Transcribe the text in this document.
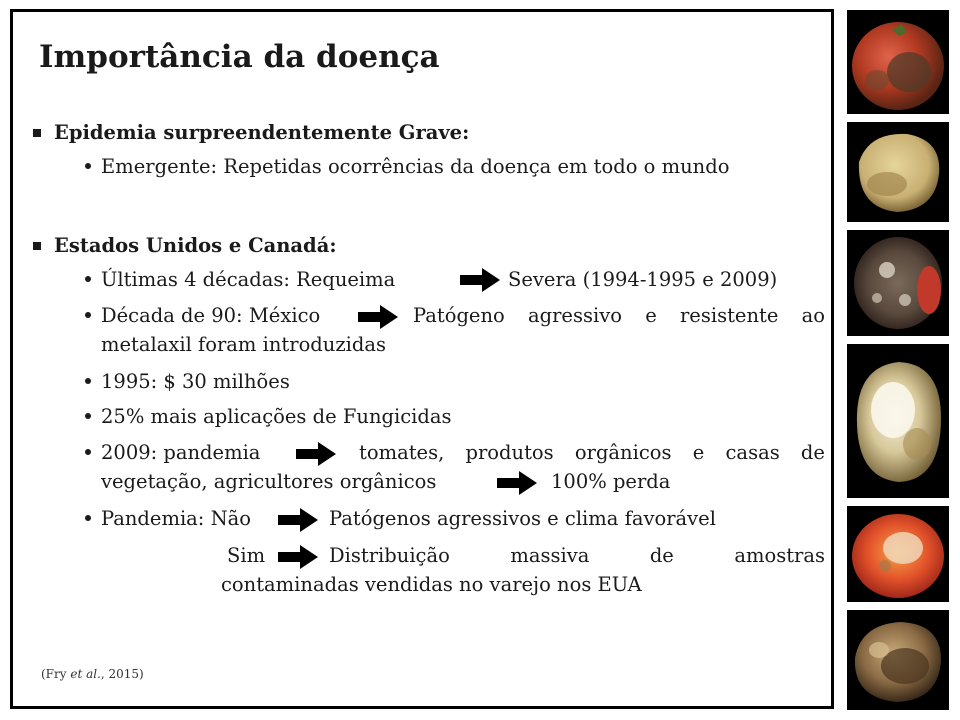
Importância da doença
Epidemia surpreendentemente Grave:
Emergente: Repetidas ocorrências da doença em todo o mundo
Estados Unidos e Canadá:
Últimas 4 décadas: Requeima	Severa (1994-1995 e 2009)
Década de 90: México	Patógeno agressivo e resistente ao
metalaxil foram introduzidas
1995: $ 30 milhões
25% mais aplicações de Fungicidas
2009: pandemia	tomates, produtos orgânicos e casas de
vegetação, agricultores orgânicos	100% perda
Pandemia: Não	Patógenos agressivos e clima favorável
Sim	Distribuição	massiva	de	amostras
contaminadas vendidas no varejo nos EUA
(Fry et al., 2015)
